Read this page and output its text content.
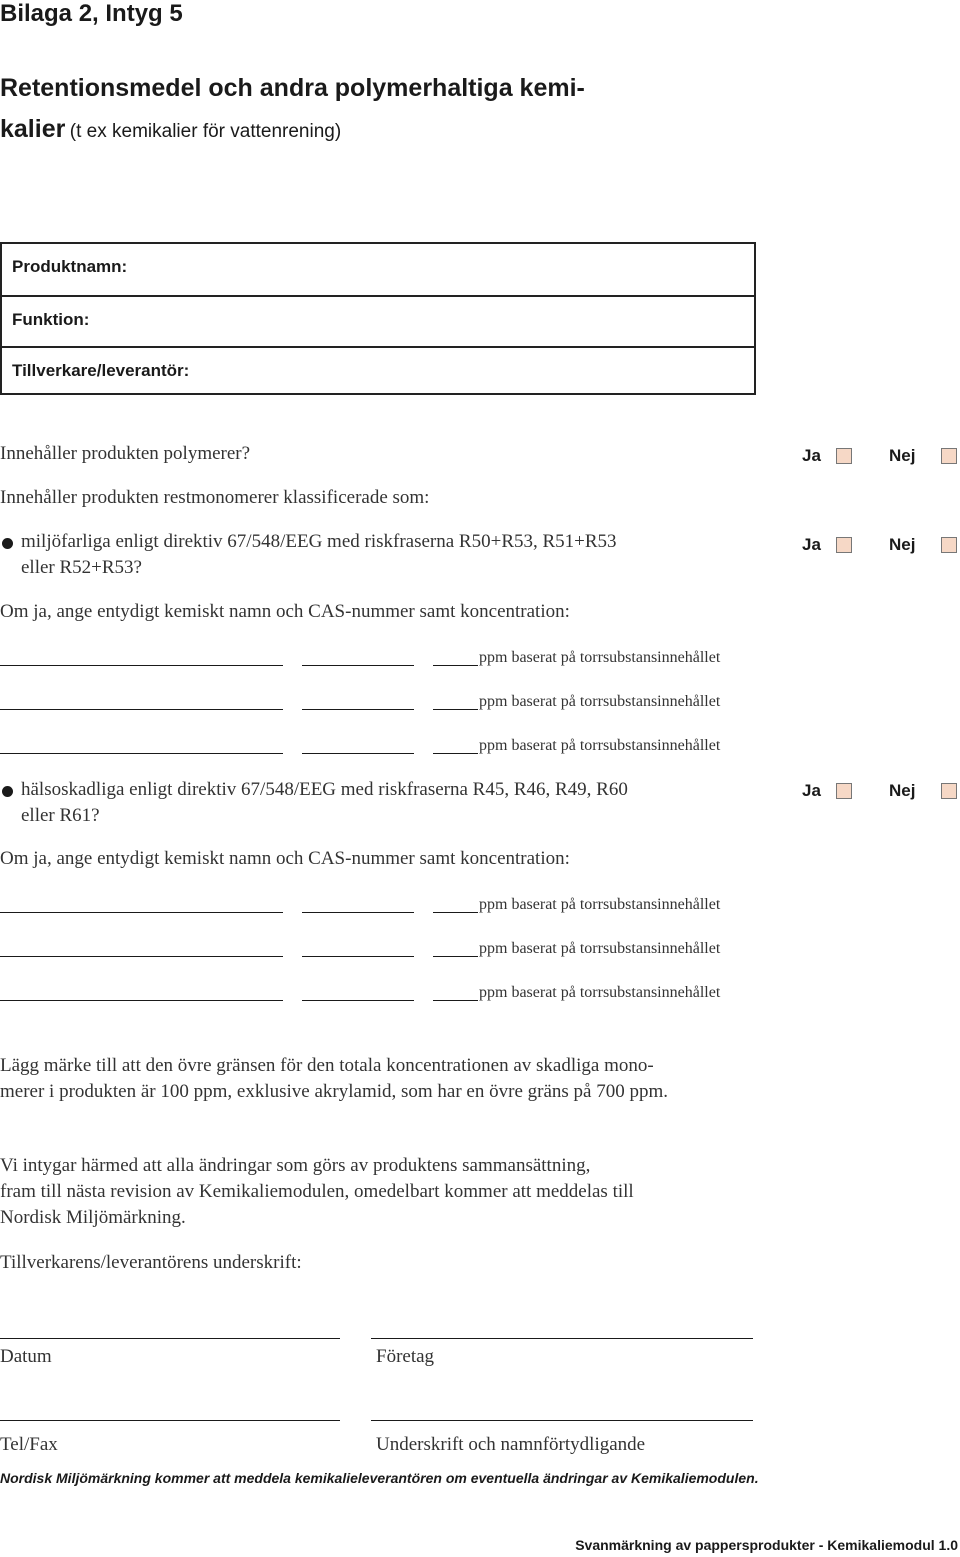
Bilaga 2, Intyg 5
Retentionsmedel och andra polymerhaltiga kemi-
kalier (t ex kemikalier för vattenrening)
Produktnamn:
Funktion:
Tillverkare/leverantör:
Innehåller produkten polymerer?	Ja	Nej
Innehåller produkten restmonomerer klassificerade som:
miljöfarliga enligt direktiv 67/548/EEG med riskfraserna R50+R53, R51+R53
eller R52+R53?
Ja	Nej
Om ja, ange entydigt kemiskt namn och CAS-nummer samt koncentration:
ppm baserat på torrsubstansinnehållet
ppm baserat på torrsubstansinnehållet
ppm baserat på torrsubstansinnehållet
hälsoskadliga enligt direktiv 67/548/EEG med riskfraserna R45, R46, R49, R60
eller R61?
Ja	Nej
Om ja, ange entydigt kemiskt namn och CAS-nummer samt koncentration:
ppm baserat på torrsubstansinnehållet
ppm baserat på torrsubstansinnehållet
ppm baserat på torrsubstansinnehållet
Lägg märke till att den övre gränsen för den totala koncentrationen av skadliga mono-
merer i produkten är 100 ppm, exklusive akrylamid, som har en övre gräns på 700 ppm.
Vi intygar härmed att alla ändringar som görs av produktens sammansättning,
fram till nästa revision av Kemikaliemodulen, omedelbart kommer att meddelas till
Nordisk Miljömärkning.
Tillverkarens/leverantörens underskrift:
Datum	Företag
Tel/Fax	Underskrift och namnförtydligande
Nordisk Miljömärkning kommer att meddela kemikalieleverantören om eventuella ändringar av Kemikaliemodulen.
Svanmärkning av pappersprodukter - Kemikaliemodul 1.0
